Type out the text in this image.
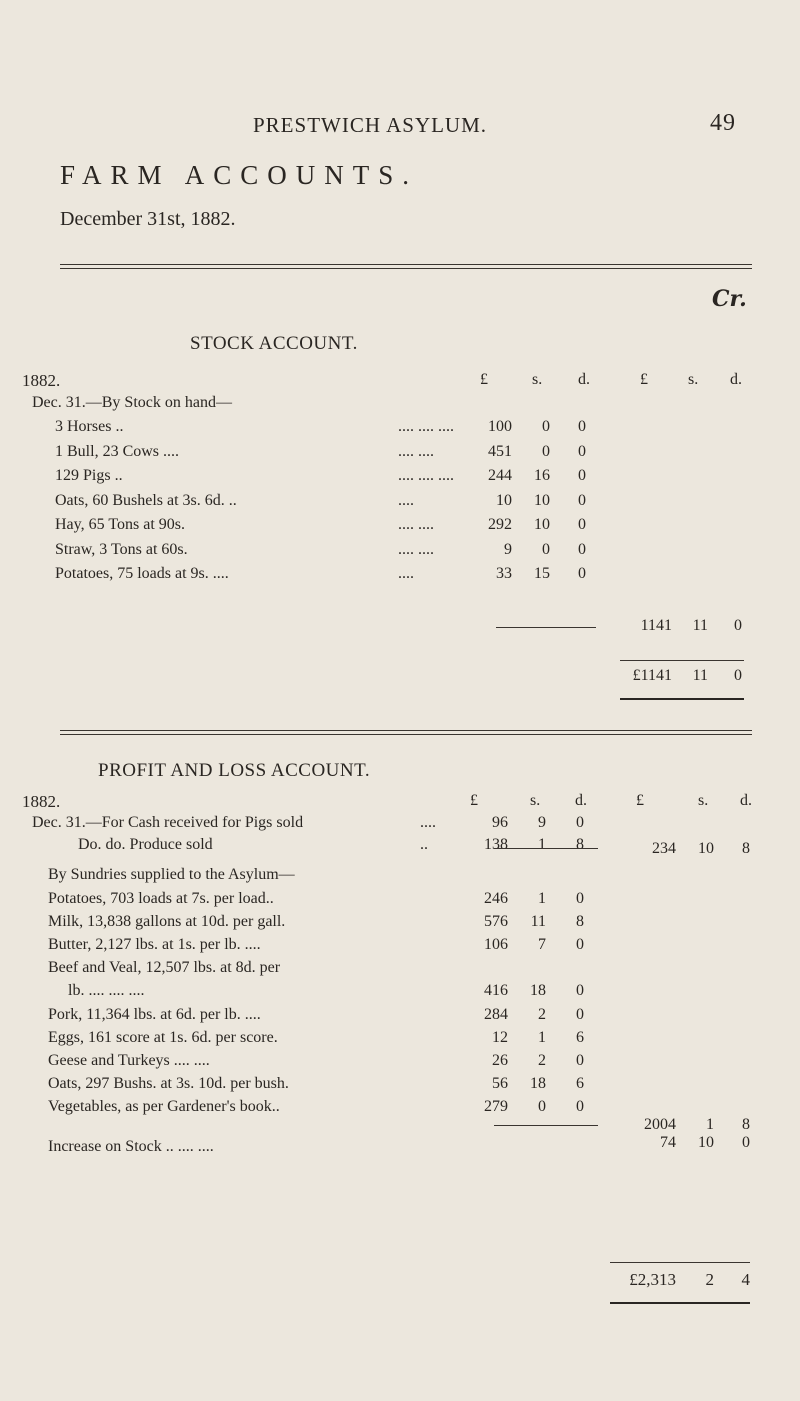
PRESTWICH ASYLUM.	49
FARM ACCOUNTS.
December 31st, 1882.
Cr.
STOCK ACCOUNT.
1882.
Dec. 31.—By Stock on hand—
£	s. d.	£	s. d.
3 Horses ..	.... .... ....	100	0	0
1 Bull, 23 Cows ....	.... ....	451	0	0
129 Pigs ..	.... .... ....	244	16	0
Oats, 60 Bushels at 3s. 6d. ..	....	10	10	0
Hay, 65 Tons at 90s.	.... ....	292	10	0
Straw, 3 Tons at 60s.	.... ....	9	0	0
Potatoes, 75 loads at 9s. ....	....	33	15	0
1141	11	0
£1141	11	0
PROFIT AND LOSS ACCOUNT.
1882.	£	s. d.	£	s. d.
Dec. 31.—For Cash received for Pigs sold	....	96	9	0
Do. do. Produce sold	..	138	1	8	234	10	8
By Sundries supplied to the Asylum—
Potatoes, 703 loads at 7s. per load..	246	1	0
Milk, 13,838 gallons at 10d. per gall.	576	11	8
Butter, 2,127 lbs. at 1s. per lb. ....	106	7	0
Beef and Veal, 12,507 lbs. at 8d. per
lb. .... .... ....	416	18	0
Pork, 11,364 lbs. at 6d. per lb. ....	284	2	0
Eggs, 161 score at 1s. 6d. per score.	12	1	6
Geese and Turkeys .... ....	26	2	0
Oats, 297 Bushs. at 3s. 10d. per bush.	56	18	6
Vegetables, as per Gardener's book..	279	0	0
2004	1	8
Increase on Stock .. .... ....	74	10	0
£2,313	2	4
